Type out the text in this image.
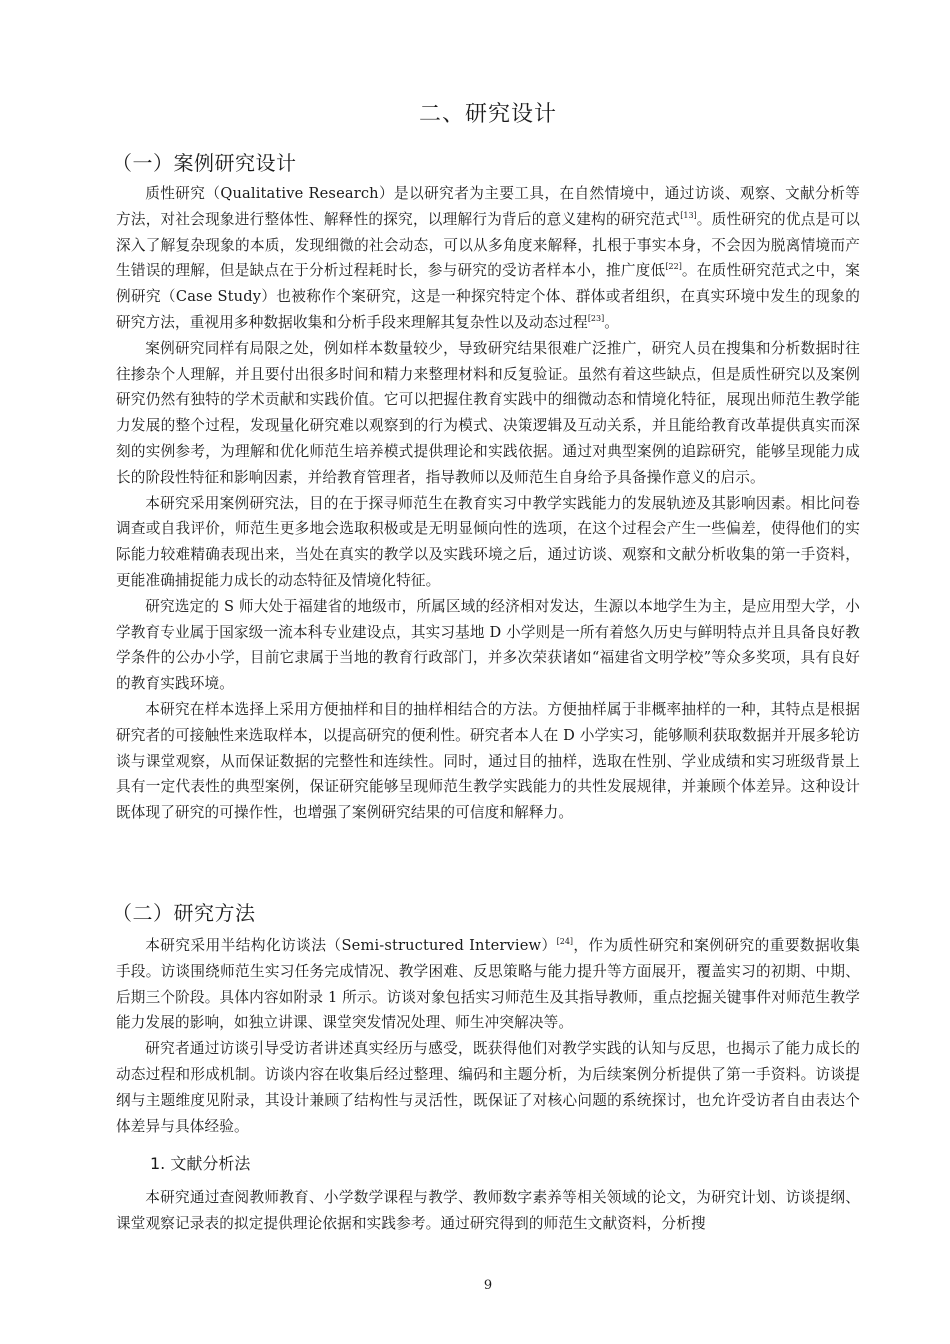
二、研究设计
（一）案例研究设计

质性研究（Qualitative Research）是以研究者为主要工具，在自然情境中，通过访谈、观察、文献分析等方法，对社会现象进行整体性、解释性的探究，以理解行为背后的意义建构的研究范式[13]。质性研究的优点是可以深入了解复杂现象的本质，发现细微的社会动态，可以从多角度来解释，扎根于事实本身，不会因为脱离情境而产生错误的理解，但是缺点在于分析过程耗时长，参与研究的受访者样本小，推广度低[22]。在质性研究范式之中，案例研究（Case Study）也被称作个案研究，这是一种探究特定个体、群体或者组织，在真实环境中发生的现象的研究方法，重视用多种数据收集和分析手段来理解其复杂性以及动态过程[23]。

案例研究同样有局限之处，例如样本数量较少，导致研究结果很难广泛推广，研究人员在搜集和分析数据时往往掺杂个人理解，并且要付出很多时间和精力来整理材料和反复验证。虽然有着这些缺点，但是质性研究以及案例研究仍然有独特的学术贡献和实践价值。它可以把握住教育实践中的细微动态和情境化特征，展现出师范生教学能力发展的整个过程，发现量化研究难以观察到的行为模式、决策逻辑及互动关系，并且能给教育改革提供真实而深刻的实例参考，为理解和优化师范生培养模式提供理论和实践依据。通过对典型案例的追踪研究，能够呈现能力成长的阶段性特征和影响因素，并给教育管理者，指导教师以及师范生自身给予具备操作意义的启示。

本研究采用案例研究法，目的在于探寻师范生在教育实习中教学实践能力的发展轨迹及其影响因素。相比问卷调查或自我评价，师范生更多地会选取积极或是无明显倾向性的选项，在这个过程会产生一些偏差，使得他们的实际能力较难精确表现出来，当处在真实的教学以及实践环境之后，通过访谈、观察和文献分析收集的第一手资料，更能准确捕捉能力成长的动态特征及情境化特征。

研究选定的 S 师大处于福建省的地级市，所属区域的经济相对发达，生源以本地学生为主，是应用型大学，小学教育专业属于国家级一流本科专业建设点，其实习基地 D 小学则是一所有着悠久历史与鲜明特点并且具备良好教学条件的公办小学，目前它隶属于当地的教育行政部门，并多次荣获诸如“福建省文明学校”等众多奖项，具有良好的教育实践环境。

本研究在样本选择上采用方便抽样和目的抽样相结合的方法。方便抽样属于非概率抽样的一种，其特点是根据研究者的可接触性来选取样本，以提高研究的便利性。研究者本人在 D 小学实习，能够顺利获取数据并开展多轮访谈与课堂观察，从而保证数据的完整性和连续性。同时，通过目的抽样，选取在性别、学业成绩和实习班级背景上具有一定代表性的典型案例，保证研究能够呈现师范生教学实践能力的共性发展规律，并兼顾个体差异。这种设计既体现了研究的可操作性，也增强了案例研究结果的可信度和解释力。

（二）研究方法

本研究采用半结构化访谈法（Semi-structured Interview）[24]，作为质性研究和案例研究的重要数据收集手段。访谈围绕师范生实习任务完成情况、教学困难、反思策略与能力提升等方面展开，覆盖实习的初期、中期、后期三个阶段。具体内容如附录 1 所示。访谈对象包括实习师范生及其指导教师，重点挖掘关键事件对师范生教学能力发展的影响，如独立讲课、课堂突发情况处理、师生冲突解决等。

研究者通过访谈引导受访者讲述真实经历与感受，既获得他们对教学实践的认知与反思，也揭示了能力成长的动态过程和形成机制。访谈内容在收集后经过整理、编码和主题分析，为后续案例分析提供了第一手资料。访谈提纲与主题维度见附录，其设计兼顾了结构性与灵活性，既保证了对核心问题的系统探讨，也允许受访者自由表达个体差异与具体经验。

1. 文献分析法

本研究通过查阅教师教育、小学数学课程与教学、教师数字素养等相关领域的论文，为研究计划、访谈提纲、课堂观察记录表的拟定提供理论依据和实践参考。通过研究得到的师范生文献资料，分析搜

9
